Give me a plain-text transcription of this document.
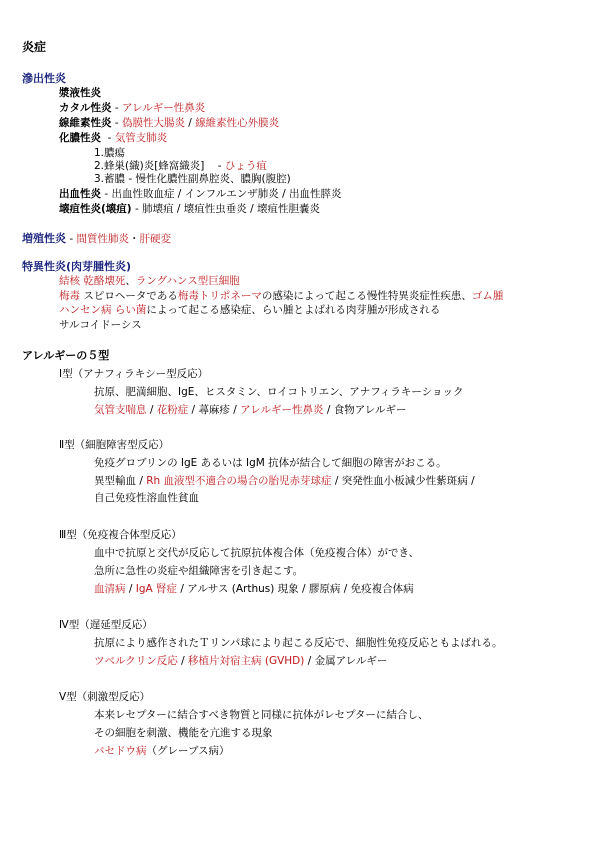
炎症
滲出性炎
漿液性炎
カタル性炎 - アレルギー性鼻炎
線維素性炎 - 偽膜性大腸炎 / 線維素性心外膜炎
化膿性炎  - 気管支肺炎
1.膿瘍
2.蜂巣(織)炎[蜂窩織炎]    - ひょう疽
3.蓄膿 - 慢性化膿性副鼻腔炎、膿胸(腹腔)
出血性炎 - 出血性敗血症 / インフルエンザ肺炎 / 出血性膵炎
壊疽性炎(壊疽) - 肺壊疽 / 壊疽性虫垂炎 / 壊疽性胆嚢炎
増殖性炎 - 間質性肺炎・肝硬変
特異性炎(肉芽腫性炎)
結核 乾酪壊死、ラングハンス型巨細胞
梅毒 スピロヘータである梅毒トリポネーマの感染によって起こる慢性特異炎症性疾患、ゴム腫
ハンセン病 らい菌によって起こる感染症、らい腫とよばれる肉芽腫が形成される
サルコイドーシス
アレルギーの５型
Ⅰ型（アナフィラキシー型反応）
抗原、肥満細胞、IgE、ヒスタミン、ロイコトリエン、アナフィラキーショック
気管支喘息 / 花粉症 / 蕁麻疹 / アレルギー性鼻炎 / 食物アレルギー
Ⅱ型（細胞障害型反応）
免疫グロブリンの IgE あるいは IgM 抗体が結合して細胞の障害がおこる。
異型輸血 / Rh 血液型不適合の場合の胎児赤芽球症 / 突発性血小板減少性紫斑病 /
自己免疫性溶血性貧血
Ⅲ型（免疫複合体型反応）
血中で抗原と交代が反応して抗原抗体複合体（免疫複合体）ができ、
急所に急性の炎症や組織障害を引き起こす。
血清病 / IgA 腎症 / アルサス (Arthus) 現象 / 膠原病 / 免疫複合体病
Ⅳ型（遅延型反応）
抗原により感作されたＴリンパ球により起こる反応で、細胞性免疫反応ともよばれる。
ツベルクリン反応 / 移植片対宿主病 (GVHD) / 金属アレルギー
Ⅴ型（刺激型反応）
本来レセプターに結合すべき物質と同様に抗体がレセプターに結合し、
その細胞を刺激、機能を亢進する現象
バセドウ病（グレーブス病）
